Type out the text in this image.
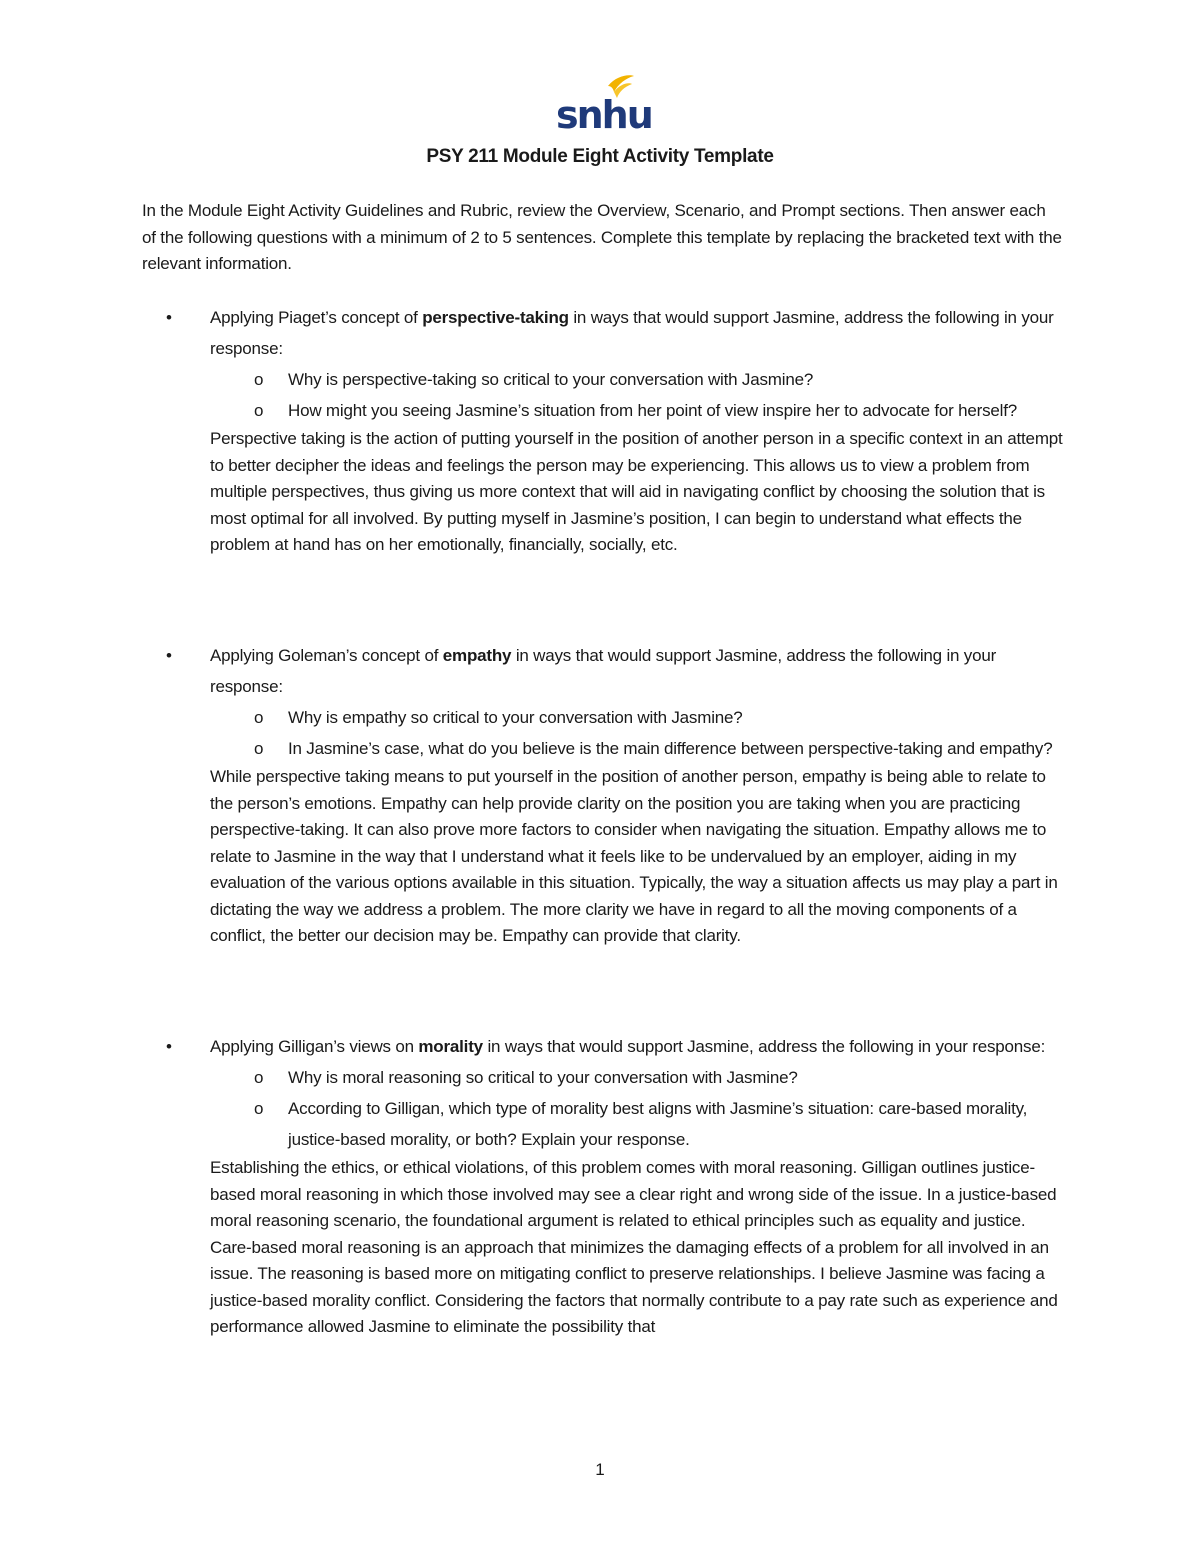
snhu
PSY 211 Module Eight Activity Template
In the Module Eight Activity Guidelines and Rubric, review the Overview, Scenario, and Prompt sections. Then answer each of the following questions with a minimum of 2 to 5 sentences. Complete this template by replacing the bracketed text with the relevant information.
• Applying Piaget’s concept of perspective-taking in ways that would support Jasmine, address the following in your response:
o Why is perspective-taking so critical to your conversation with Jasmine?
o How might you seeing Jasmine’s situation from her point of view inspire her to advocate for herself?
Perspective taking is the action of putting yourself in the position of another person in a specific context in an attempt to better decipher the ideas and feelings the person may be experiencing. This allows us to view a problem from multiple perspectives, thus giving us more context that will aid in navigating conflict by choosing the solution that is most optimal for all involved. By putting myself in Jasmine’s position, I can begin to understand what effects the problem at hand has on her emotionally, financially, socially, etc.
• Applying Goleman’s concept of empathy in ways that would support Jasmine, address the following in your response:
o Why is empathy so critical to your conversation with Jasmine?
o In Jasmine’s case, what do you believe is the main difference between perspective-taking and empathy?
While perspective taking means to put yourself in the position of another person, empathy is being able to relate to the person’s emotions. Empathy can help provide clarity on the position you are taking when you are practicing perspective-taking. It can also prove more factors to consider when navigating the situation. Empathy allows me to relate to Jasmine in the way that I understand what it feels like to be undervalued by an employer, aiding in my evaluation of the various options available in this situation. Typically, the way a situation affects us may play a part in dictating the way we address a problem. The more clarity we have in regard to all the moving components of a conflict, the better our decision may be. Empathy can provide that clarity.
• Applying Gilligan’s views on morality in ways that would support Jasmine, address the following in your response:
o Why is moral reasoning so critical to your conversation with Jasmine?
o According to Gilligan, which type of morality best aligns with Jasmine’s situation: care-based morality, justice-based morality, or both? Explain your response.
Establishing the ethics, or ethical violations, of this problem comes with moral reasoning. Gilligan outlines justice-based moral reasoning in which those involved may see a clear right and wrong side of the issue. In a justice-based moral reasoning scenario, the foundational argument is related to ethical principles such as equality and justice. Care-based moral reasoning is an approach that minimizes the damaging effects of a problem for all involved in an issue. The reasoning is based more on mitigating conflict to preserve relationships. I believe Jasmine was facing a justice-based morality conflict. Considering the factors that normally contribute to a pay rate such as experience and performance allowed Jasmine to eliminate the possibility that
1
